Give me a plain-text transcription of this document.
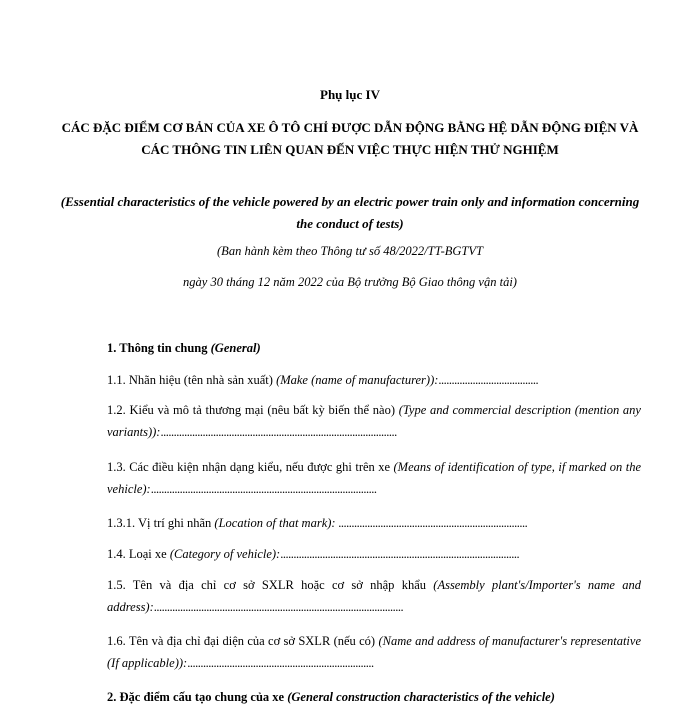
Phụ lục IV
CÁC ĐẶC ĐIỂM CƠ BẢN CỦA XE Ô TÔ CHỈ ĐƯỢC DẪN ĐỘNG BẰNG HỆ DẪN ĐỘNG ĐIỆN VÀ CÁC THÔNG TIN LIÊN QUAN ĐẾN VIỆC THỰC HIỆN THỬ NGHIỆM
(Essential characteristics of the vehicle powered by an electric power train only and information concerning the conduct of tests)
(Ban hành kèm theo Thông tư số 48/2022/TT-BGTVT
ngày 30 tháng 12 năm 2022 của Bộ trưởng Bộ Giao thông vận tải)
1. Thông tin chung (General)
1.1. Nhãn hiệu (tên nhà sản xuất) (Make (name of manufacturer)):......................................
1.2. Kiểu và mô tả thương mại (nêu bất kỳ biến thể nào) (Type and commercial description (mention any variants)):..........................................................................................
1.3. Các điều kiện nhận dạng kiểu, nếu được ghi trên xe (Means of identification of type, if marked on the vehicle):......................................................................................
1.3.1. Vị trí ghi nhãn (Location of that mark): ........................................................................
1.4. Loại xe (Category of vehicle):...........................................................................................
1.5. Tên và địa chỉ cơ sở SXLR hoặc cơ sở nhập khẩu (Assembly plant's/Importer's name and address):...............................................................................................
1.6. Tên và địa chỉ đại diện của cơ sở SXLR (nếu có) (Name and address of manufacturer's representative (If applicable)):.......................................................................
2. Đặc điểm cấu tạo chung của xe (General construction characteristics of the vehicle)
